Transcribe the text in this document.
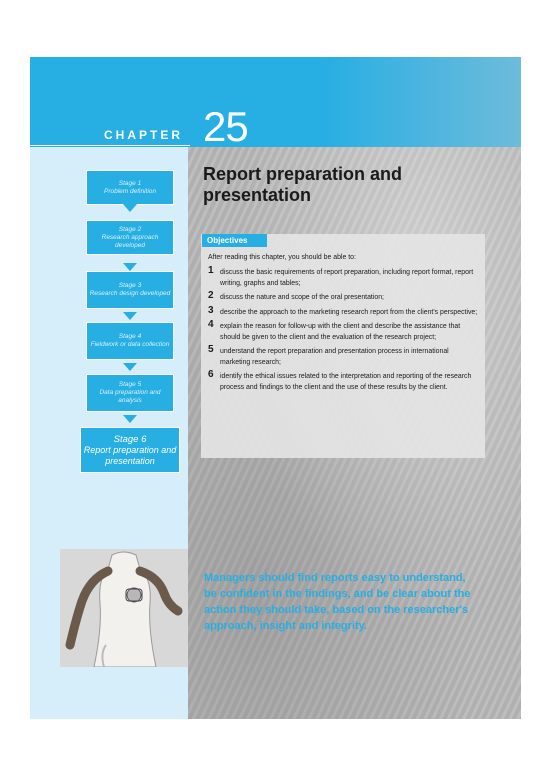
CHAPTER 25
Stage 1
Problem definition
Stage 2
Research approach developed
Stage 3
Research design developed
Stage 4
Fieldwork or data collection
Stage 5
Data preparation and analysis
Stage 6
Report preparation and presentation
Report preparation and presentation
Objectives
After reading this chapter, you should be able to:
1 discuss the basic requirements of report preparation, including report format, report writing, graphs and tables;
2 discuss the nature and scope of the oral presentation;
3 describe the approach to the marketing research report from the client's perspective;
4 explain the reason for follow-up with the client and describe the assistance that should be given to the client and the evaluation of the research project;
5 understand the report preparation and presentation process in international marketing research;
6 identify the ethical issues related to the interpretation and reporting of the research process and findings to the client and the use of these results by the client.
Managers should find reports easy to understand, be confident in the findings, and be clear about the action they should take, based on the researcher's approach, insight and integrity.
